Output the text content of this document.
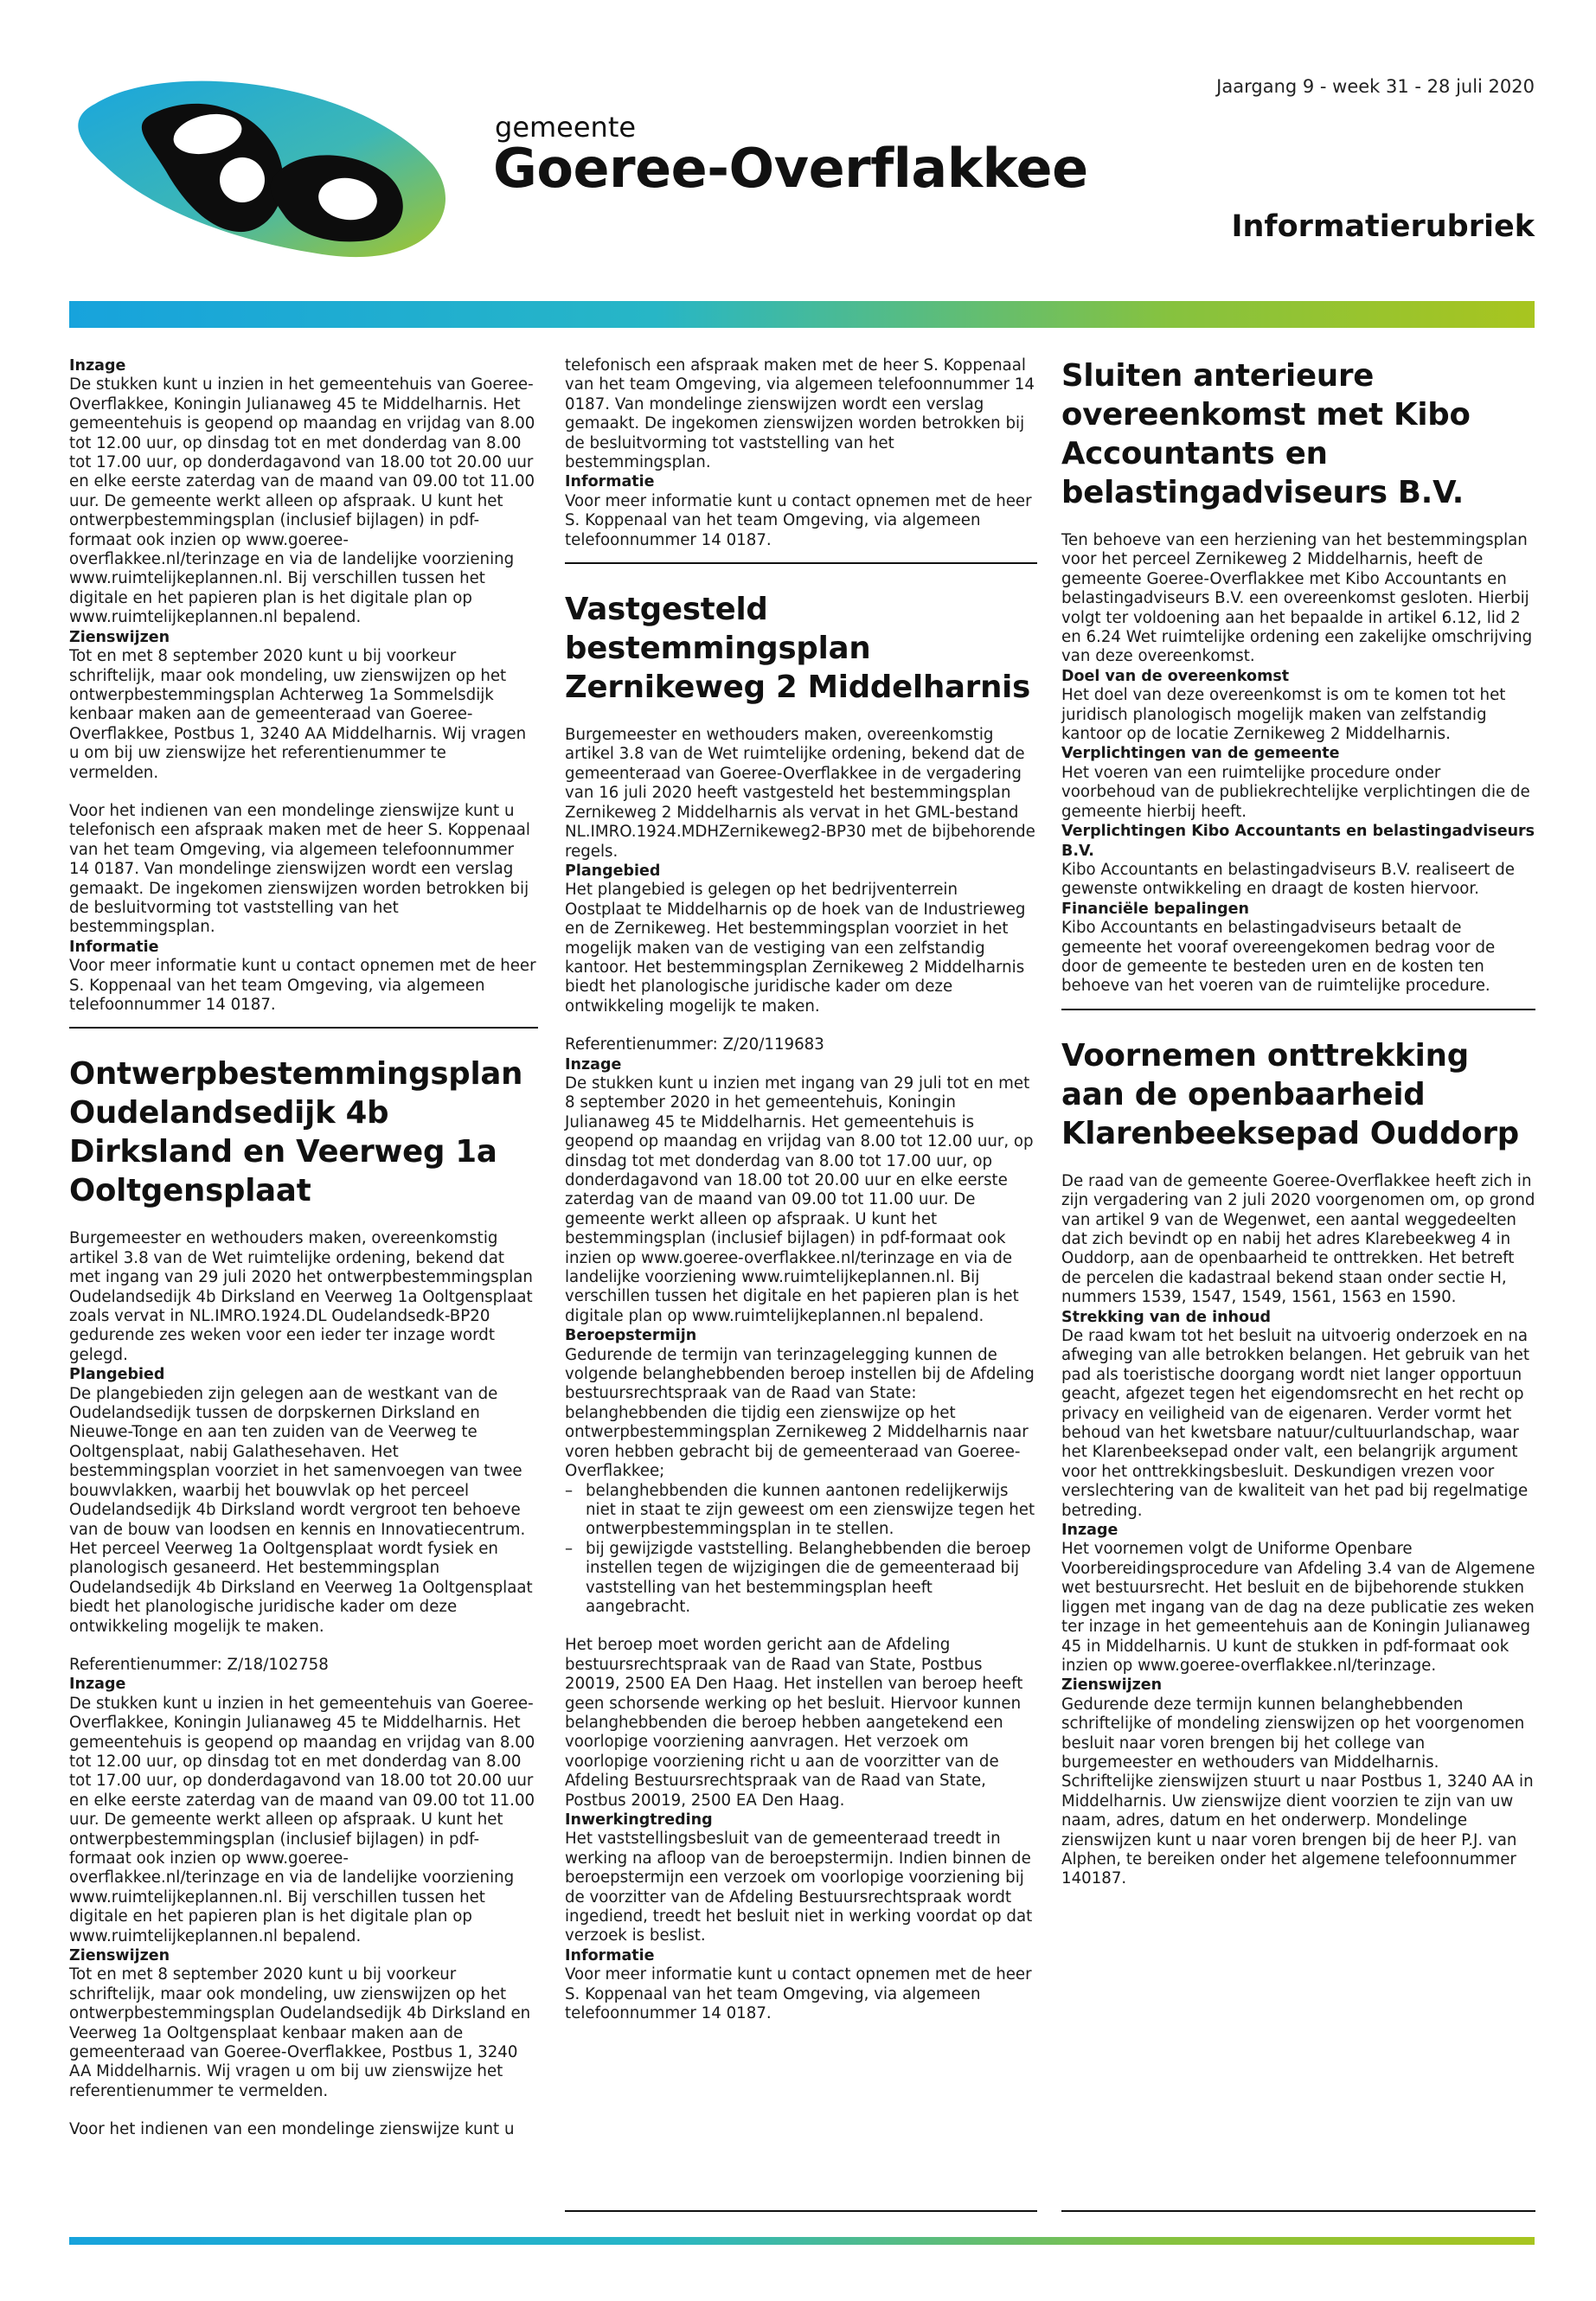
gemeente
Goeree-Overflakkee
Jaargang 9 - week 31 - 28 juli 2020
Informatierubriek

Inzage

De stukken kunt u inzien in het gemeentehuis van Goeree-Overflakkee, Koningin Julianaweg 45 te Middelharnis. Het gemeentehuis is geopend op maandag en vrijdag van 8.00 tot 12.00 uur, op dinsdag tot en met donderdag van 8.00 tot 17.00 uur, op donderdagavond van 18.00 tot 20.00 uur en elke eerste zaterdag van de maand van 09.00 tot 11.00 uur. De gemeente werkt alleen op afspraak. U kunt het ontwerpbestemmingsplan (inclusief bijlagen) in pdf-formaat ook inzien op www.goeree-overflakkee.nl/terinzage en via de landelijke voorziening www.ruimtelijkeplannen.nl. Bij verschillen tussen het digitale en het papieren plan is het digitale plan op www.ruimtelijkeplannen.nl bepalend.

Zienswijzen

Tot en met 8 september 2020 kunt u bij voorkeur schriftelijk, maar ook mondeling, uw zienswijzen op het ontwerpbestemmingsplan Achterweg 1a Sommelsdijk kenbaar maken aan de gemeenteraad van Goeree-Overflakkee, Postbus 1, 3240 AA Middelharnis. Wij vragen u om bij uw zienswijze het referentienummer te vermelden.

Voor het indienen van een mondelinge zienswijze kunt u telefonisch een afspraak maken met de heer S. Koppenaal van het team Omgeving, via algemeen telefoonnummer 14 0187. Van mondelinge zienswijzen wordt een verslag gemaakt. De ingekomen zienswijzen worden betrokken bij de besluitvorming tot vaststelling van het bestemmingsplan.

Informatie

Voor meer informatie kunt u contact opnemen met de heer S. Koppenaal van het team Omgeving, via algemeen telefoonnummer 14 0187.

Ontwerpbestemmingsplan Oudelandsedijk 4b Dirksland en Veerweg 1a Ooltgensplaat

Burgemeester en wethouders maken, overeenkomstig artikel 3.8 van de Wet ruimtelijke ordening, bekend dat met ingang van 29 juli 2020 het ontwerpbestemmingsplan Oudelandsedijk 4b Dirksland en Veerweg 1a Ooltgensplaat zoals vervat in NL.IMRO.1924.DL Oudelandsedk-BP20 gedurende zes weken voor een ieder ter inzage wordt gelegd.

Plangebied

De plangebieden zijn gelegen aan de westkant van de Oudelandsedijk tussen de dorpskernen Dirksland en Nieuwe-Tonge en aan ten zuiden van de Veerweg te Ooltgensplaat, nabij Galathesehaven. Het bestemmingsplan voorziet in het samenvoegen van twee bouwvlakken, waarbij het bouwvlak op het perceel Oudelandsedijk 4b Dirksland wordt vergroot ten behoeve van de bouw van loodsen en kennis en Innovatiecentrum. Het perceel Veerweg 1a Ooltgensplaat wordt fysiek en planologisch gesaneerd. Het bestemmingsplan Oudelandsedijk 4b Dirksland en Veerweg 1a Ooltgensplaat biedt het planologische juridische kader om deze ontwikkeling mogelijk te maken.

Referentienummer: Z/18/102758

Inzage

De stukken kunt u inzien in het gemeentehuis van Goeree-Overflakkee, Koningin Julianaweg 45 te Middelharnis. Het gemeentehuis is geopend op maandag en vrijdag van 8.00 tot 12.00 uur, op dinsdag tot en met donderdag van 8.00 tot 17.00 uur, op donderdagavond van 18.00 tot 20.00 uur en elke eerste zaterdag van de maand van 09.00 tot 11.00 uur. De gemeente werkt alleen op afspraak. U kunt het ontwerpbestemmingsplan (inclusief bijlagen) in pdf-formaat ook inzien op www.goeree-overflakkee.nl/terinzage en via de landelijke voorziening www.ruimtelijkeplannen.nl. Bij verschillen tussen het digitale en het papieren plan is het digitale plan op www.ruimtelijkeplannen.nl bepalend.

Zienswijzen

Tot en met 8 september 2020 kunt u bij voorkeur schriftelijk, maar ook mondeling, uw zienswijzen op het ontwerpbestemmingsplan Oudelandsedijk 4b Dirksland en Veerweg 1a Ooltgensplaat kenbaar maken aan de gemeenteraad van Goeree-Overflakkee, Postbus 1, 3240 AA Middelharnis. Wij vragen u om bij uw zienswijze het referentienummer te vermelden.

Voor het indienen van een mondelinge zienswijze kunt u

telefonisch een afspraak maken met de heer S. Koppenaal van het team Omgeving, via algemeen telefoonnummer 14 0187. Van mondelinge zienswijzen wordt een verslag gemaakt. De ingekomen zienswijzen worden betrokken bij de besluitvorming tot vaststelling van het bestemmingsplan.

Informatie

Voor meer informatie kunt u contact opnemen met de heer S. Koppenaal van het team Omgeving, via algemeen telefoonnummer 14 0187.

Vastgesteld bestemmingsplan Zernikeweg 2 Middelharnis

Burgemeester en wethouders maken, overeenkomstig artikel 3.8 van de Wet ruimtelijke ordening, bekend dat de gemeenteraad van Goeree-Overflakkee in de vergadering van 16 juli 2020 heeft vastgesteld het bestemmingsplan Zernikeweg 2 Middelharnis als vervat in het GML-bestand NL.IMRO.1924.MDHZernikeweg2-BP30 met de bijbehorende regels.

Plangebied

Het plangebied is gelegen op het bedrijventerrein Oostplaat te Middelharnis op de hoek van de Industrieweg en de Zernikeweg. Het bestemmingsplan voorziet in het mogelijk maken van de vestiging van een zelfstandig kantoor. Het bestemmingsplan Zernikeweg 2 Middelharnis biedt het planologische juridische kader om deze ontwikkeling mogelijk te maken.

Referentienummer: Z/20/119683

Inzage

De stukken kunt u inzien met ingang van 29 juli tot en met 8 september 2020 in het gemeentehuis, Koningin Julianaweg 45 te Middelharnis. Het gemeentehuis is geopend op maandag en vrijdag van 8.00 tot 12.00 uur, op dinsdag tot met donderdag van 8.00 tot 17.00 uur, op donderdagavond van 18.00 tot 20.00 uur en elke eerste zaterdag van de maand van 09.00 tot 11.00 uur. De gemeente werkt alleen op afspraak. U kunt het bestemmingsplan (inclusief bijlagen) in pdf-formaat ook inzien op www.goeree-overflakkee.nl/terinzage en via de landelijke voorziening www.ruimtelijkeplannen.nl. Bij verschillen tussen het digitale en het papieren plan is het digitale plan op www.ruimtelijkeplannen.nl bepalend.

Beroepstermijn

Gedurende de termijn van terinzagelegging kunnen de volgende belanghebbenden beroep instellen bij de Afdeling bestuursrechtspraak van de Raad van State: belanghebbenden die tijdig een zienswijze op het ontwerpbestemmingsplan Zernikeweg 2 Middelharnis naar voren hebben gebracht bij de gemeenteraad van Goeree-Overflakkee;

– belanghebbenden die kunnen aantonen redelijkerwijs niet in staat te zijn geweest om een zienswijze tegen het ontwerpbestemmingsplan in te stellen.
– bij gewijzigde vaststelling. Belanghebbenden die beroep instellen tegen de wijzigingen die de gemeenteraad bij vaststelling van het bestemmingsplan heeft aangebracht.

Het beroep moet worden gericht aan de Afdeling bestuursrechtspraak van de Raad van State, Postbus 20019, 2500 EA Den Haag. Het instellen van beroep heeft geen schorsende werking op het besluit. Hiervoor kunnen belanghebbenden die beroep hebben aangetekend een voorlopige voorziening aanvragen. Het verzoek om voorlopige voorziening richt u aan de voorzitter van de Afdeling Bestuursrechtspraak van de Raad van State, Postbus 20019, 2500 EA Den Haag.

Inwerkingtreding

Het vaststellingsbesluit van de gemeenteraad treedt in werking na afloop van de beroepstermijn. Indien binnen de beroepstermijn een verzoek om voorlopige voorziening bij de voorzitter van de Afdeling Bestuursrechtspraak wordt ingediend, treedt het besluit niet in werking voordat op dat verzoek is beslist.

Informatie

Voor meer informatie kunt u contact opnemen met de heer S. Koppenaal van het team Omgeving, via algemeen telefoonnummer 14 0187.

Sluiten anterieure overeenkomst met Kibo Accountants en belastingadviseurs B.V.

Ten behoeve van een herziening van het bestemmingsplan voor het perceel Zernikeweg 2 Middelharnis, heeft de gemeente Goeree-Overflakkee met Kibo Accountants en belastingadviseurs B.V. een overeenkomst gesloten. Hierbij volgt ter voldoening aan het bepaalde in artikel 6.12, lid 2 en 6.24 Wet ruimtelijke ordening een zakelijke omschrijving van deze overeenkomst.

Doel van de overeenkomst

Het doel van deze overeenkomst is om te komen tot het juridisch planologisch mogelijk maken van zelfstandig kantoor op de locatie Zernikeweg 2 Middelharnis.

Verplichtingen van de gemeente

Het voeren van een ruimtelijke procedure onder voorbehoud van de publiekrechtelijke verplichtingen die de gemeente hierbij heeft.

Verplichtingen Kibo Accountants en belastingadviseurs B.V.

Kibo Accountants en belastingadviseurs B.V. realiseert de gewenste ontwikkeling en draagt de kosten hiervoor.

Financiële bepalingen

Kibo Accountants en belastingadviseurs betaalt de gemeente het vooraf overeengekomen bedrag voor de door de gemeente te besteden uren en de kosten ten behoeve van het voeren van de ruimtelijke procedure.

Voornemen onttrekking aan de openbaarheid Klarenbeeksepad Ouddorp

De raad van de gemeente Goeree-Overflakkee heeft zich in zijn vergadering van 2 juli 2020 voorgenomen om, op grond van artikel 9 van de Wegenwet, een aantal weggedeelten dat zich bevindt op en nabij het adres Klarebeekweg 4 in Ouddorp, aan de openbaarheid te onttrekken. Het betreft de percelen die kadastraal bekend staan onder sectie H, nummers 1539, 1547, 1549, 1561, 1563 en 1590.

Strekking van de inhoud

De raad kwam tot het besluit na uitvoerig onderzoek en na afweging van alle betrokken belangen. Het gebruik van het pad als toeristische doorgang wordt niet langer opportuun geacht, afgezet tegen het eigendomsrecht en het recht op privacy en veiligheid van de eigenaren. Verder vormt het behoud van het kwetsbare natuur/cultuurlandschap, waar het Klarenbeeksepad onder valt, een belangrijk argument voor het onttrekkingsbesluit. Deskundigen vrezen voor verslechtering van de kwaliteit van het pad bij regelmatige betreding.

Inzage

Het voornemen volgt de Uniforme Openbare Voorbereidingsprocedure van Afdeling 3.4 van de Algemene wet bestuursrecht. Het besluit en de bijbehorende stukken liggen met ingang van de dag na deze publicatie zes weken ter inzage in het gemeentehuis aan de Koningin Julianaweg 45 in Middelharnis. U kunt de stukken in pdf-formaat ook inzien op www.goeree-overflakkee.nl/terinzage.

Zienswijzen

Gedurende deze termijn kunnen belanghebbenden schriftelijke of mondeling zienswijzen op het voorgenomen besluit naar voren brengen bij het college van burgemeester en wethouders van Middelharnis. Schriftelijke zienswijzen stuurt u naar Postbus 1, 3240 AA in Middelharnis. Uw zienswijze dient voorzien te zijn van uw naam, adres, datum en het onderwerp. Mondelinge zienswijzen kunt u naar voren brengen bij de heer P.J. van Alphen, te bereiken onder het algemene telefoonnummer 140187.
